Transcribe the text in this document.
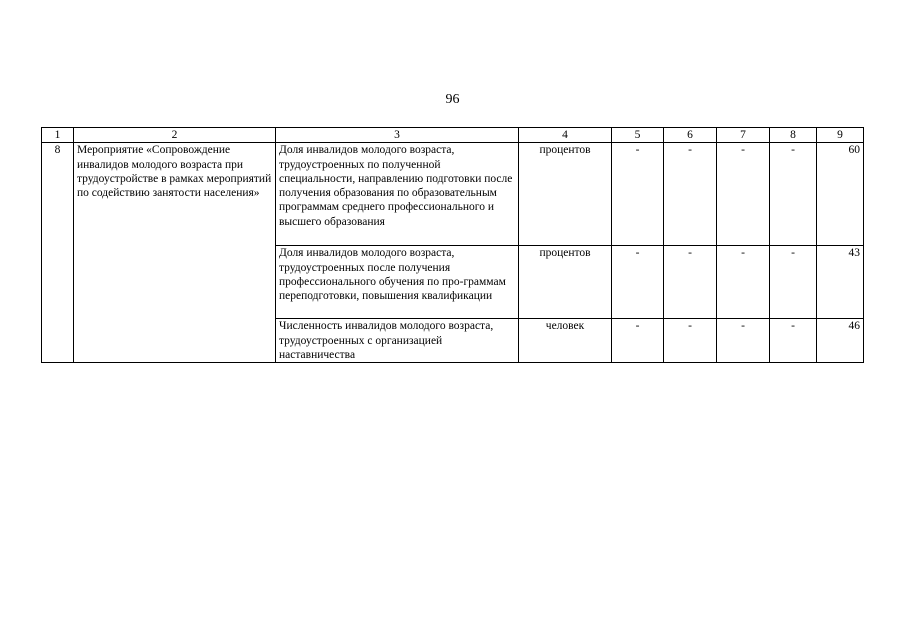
96
1	2	3	4	5	6	7	8	9
8	Мероприятие «Сопровождение инвалидов молодого возраста при трудоустройстве в рамках мероприятий по содействию занятости населения»	Доля инвалидов молодого возраста, трудоустроенных по полученной специальности, направлению подготовки после получения образования по образовательным программам среднего профессионального и высшего образования	процентов	-	-	-	-	60
		Доля инвалидов молодого возраста, трудоустроенных после получения профессионального обучения по про-граммам переподготовки, повышения квалификации	процентов	-	-	-	-	43
		Численность инвалидов молодого возраста, трудоустроенных с организацией наставничества	человек	-	-	-	-	46
